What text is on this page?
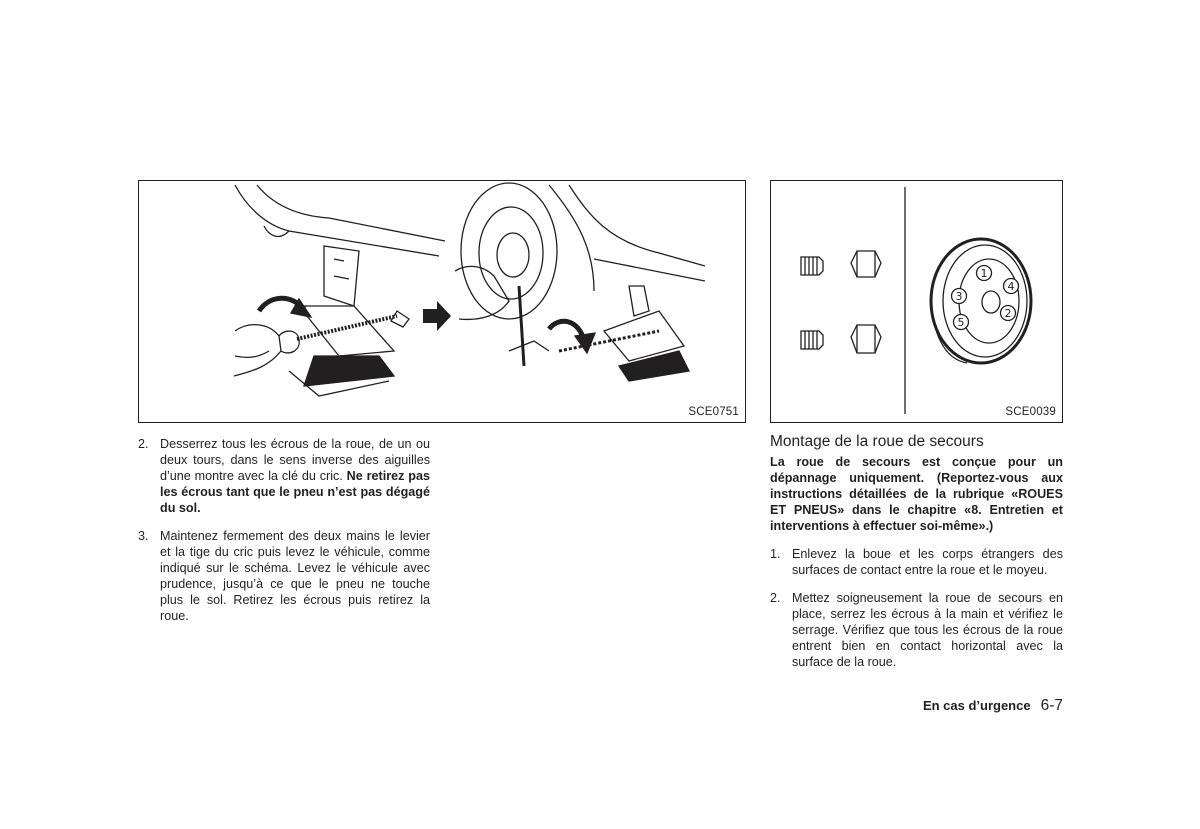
SCE0751
1
2
3
4
5
SCE0039
2. Desserrez tous les écrous de la roue, de un ou deux tours, dans le sens inverse des aiguilles d’une montre avec la clé du cric. Ne retirez pas les écrous tant que le pneu n’est pas dégagé du sol.
3. Maintenez fermement des deux mains le levier et la tige du cric puis levez le véhicule, comme indiqué sur le schéma. Levez le véhicule avec prudence, jusqu’à ce que le pneu ne touche plus le sol. Retirez les écrous puis retirez la roue.
Montage de la roue de secours
La roue de secours est conçue pour un dépannage uniquement. (Reportez-vous aux instructions détaillées de la rubrique «ROUES ET PNEUS» dans le chapitre «8. Entretien et interventions à effectuer soi-même».)
1. Enlevez la boue et les corps étrangers des surfaces de contact entre la roue et le moyeu.
2. Mettez soigneusement la roue de secours en place, serrez les écrous à la main et vérifiez le serrage. Vérifiez que tous les écrous de la roue entrent bien en contact horizontal avec la surface de la roue.
En cas d’urgence 6-7
